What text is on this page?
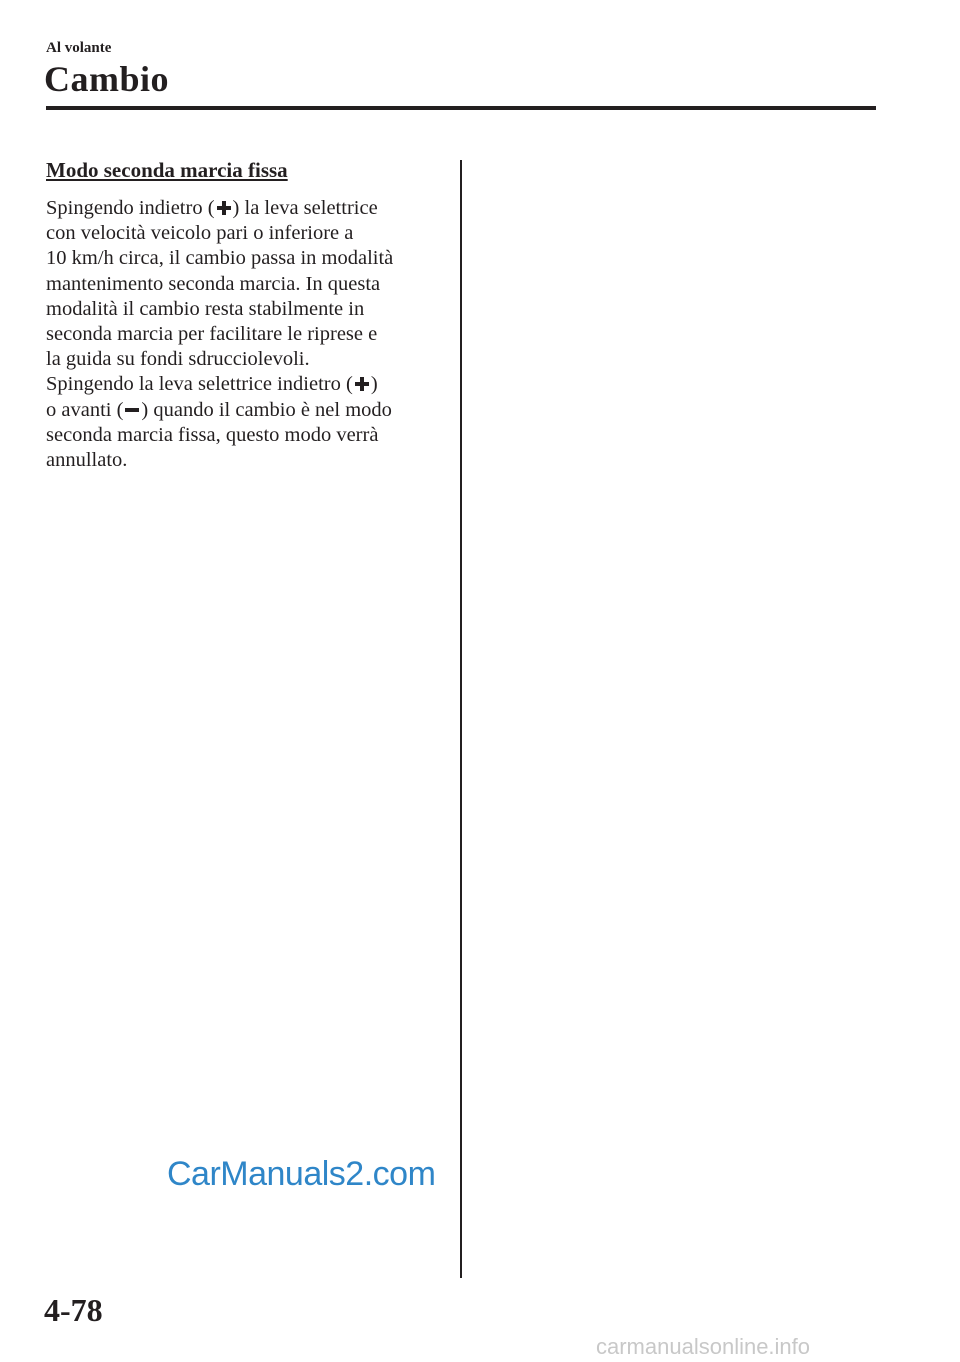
Al volante
Cambio
Modo seconda marcia fissa

Spingendo indietro ( ) la leva selettrice
con velocità veicolo pari o inferiore a
10 km/h circa, il cambio passa in modalità
mantenimento seconda marcia. In questa
modalità il cambio resta stabilmente in
seconda marcia per facilitare le riprese e
la guida su fondi sdrucciolevoli.

Spingendo la leva selettrice indietro ( )
o avanti ( ) quando il cambio è nel modo
seconda marcia fissa, questo modo verrà
annullato.

CarManuals2.com
4-78
carmanualsonline.info
